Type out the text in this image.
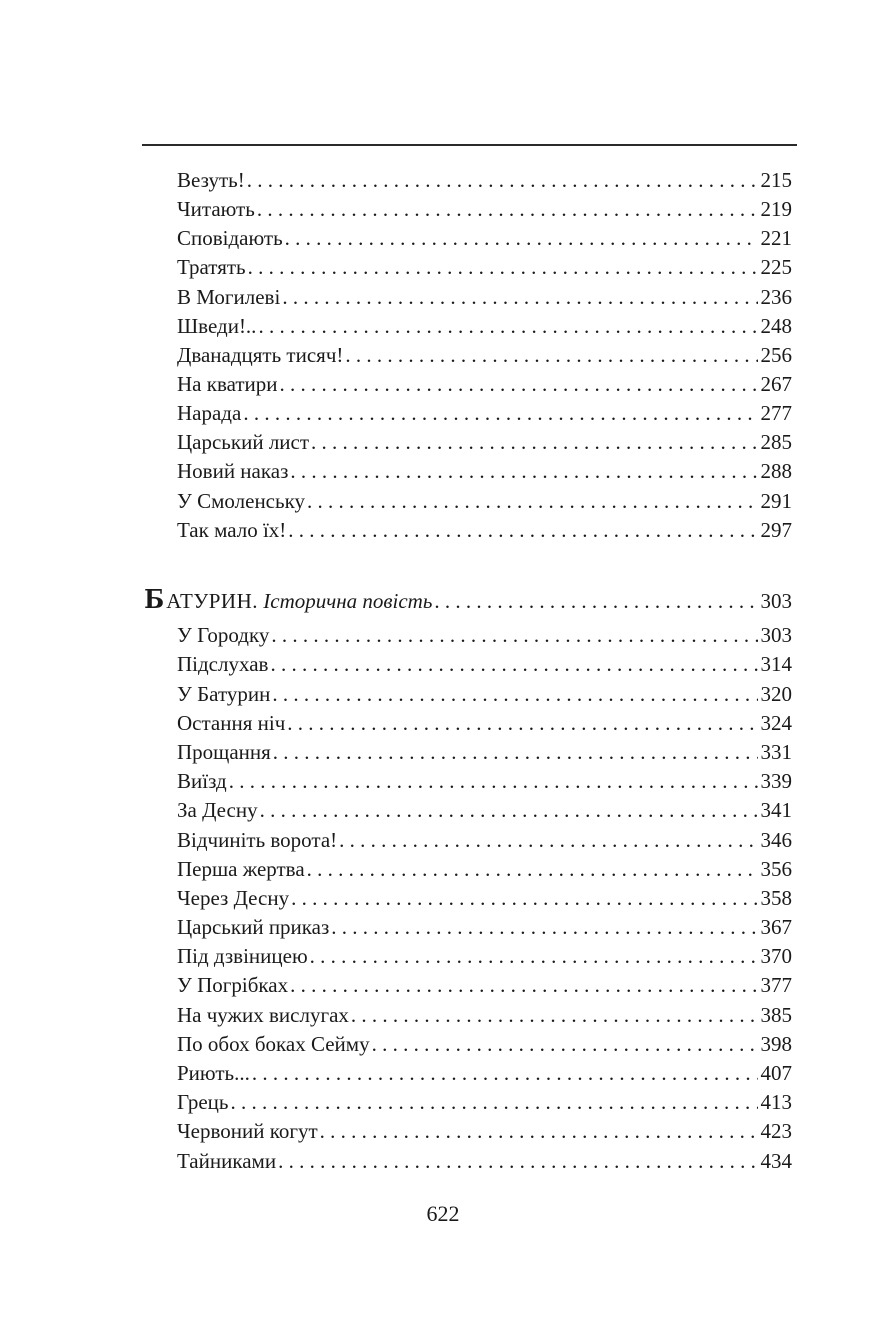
Везуть! . . .	215
Читають . . .	219
Сповідають . . .	221
Тратять . . .	225
В Могилеві . . .	236
Шведи!.. . . .	248
Дванадцять тисяч! . . .	256
На кватири . . .	267
Нарада . . .	277
Царський лист . . .	285
Новий наказ . . .	288
У Смоленську . . .	291
Так мало їх! . . .	297
Б АТУРИН. Історична повість . . .	303
У Городку . . .	303
Підслухав . . .	314
У Батурин . . .	320
Остання ніч . . .	324
Прощання . . .	331
Виїзд . . .	339
За Десну . . .	341
Відчиніть ворота! . . .	346
Перша жертва . . .	356
Через Десну . . .	358
Царський приказ . . .	367
Під дзвіницею . . .	370
У Погрібках . . .	377
На чужих вислугах . . .	385
По обох боках Сейму . . .	398
Риють... . . .	407
Грець . . .	413
Червоний когут . . .	423
Тайниками . . .	434
622
